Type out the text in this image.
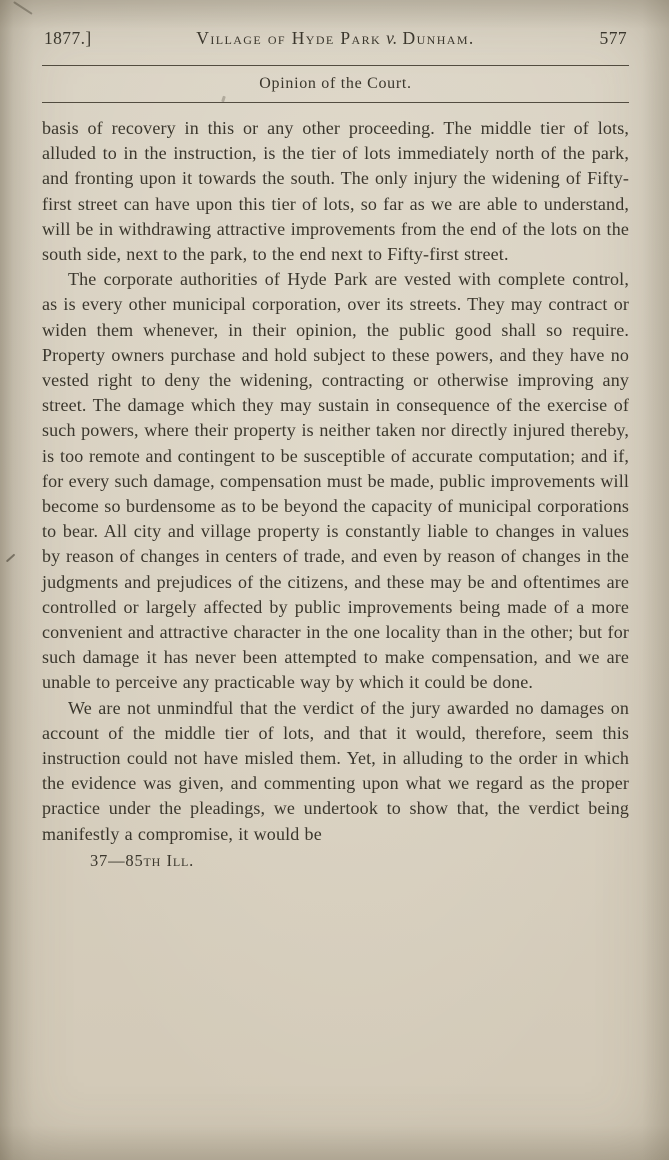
1877.]	Village of Hyde Park v. Dunham.	577
Opinion of the Court.

basis of recovery in this or any other proceeding. The middle tier of lots, alluded to in the instruction, is the tier of lots immediately north of the park, and fronting upon it towards the south. The only injury the widening of Fifty-first street can have upon this tier of lots, so far as we are able to understand, will be in withdrawing attractive improvements from the end of the lots on the south side, next to the park, to the end next to Fifty-first street.

The corporate authorities of Hyde Park are vested with complete control, as is every other municipal corporation, over its streets. They may contract or widen them whenever, in their opinion, the public good shall so require. Property owners purchase and hold subject to these powers, and they have no vested right to deny the widening, contracting or otherwise improving any street. The damage which they may sustain in consequence of the exercise of such powers, where their property is neither taken nor directly injured thereby, is too remote and contingent to be susceptible of accurate computation; and if, for every such damage, compensation must be made, public improvements will become so burdensome as to be beyond the capacity of municipal corporations to bear. All city and village property is constantly liable to changes in values by reason of changes in centers of trade, and even by reason of changes in the judgments and prejudices of the citizens, and these may be and oftentimes are controlled or largely affected by public improvements being made of a more convenient and attractive character in the one locality than in the other; but for such damage it has never been attempted to make compensation, and we are unable to perceive any practicable way by which it could be done.

We are not unmindful that the verdict of the jury awarded no damages on account of the middle tier of lots, and that it would, therefore, seem this instruction could not have misled them. Yet, in alluding to the order in which the evidence was given, and commenting upon what we regard as the proper practice under the pleadings, we undertook to show that, the verdict being manifestly a compromise, it would be

37—85th Ill.
